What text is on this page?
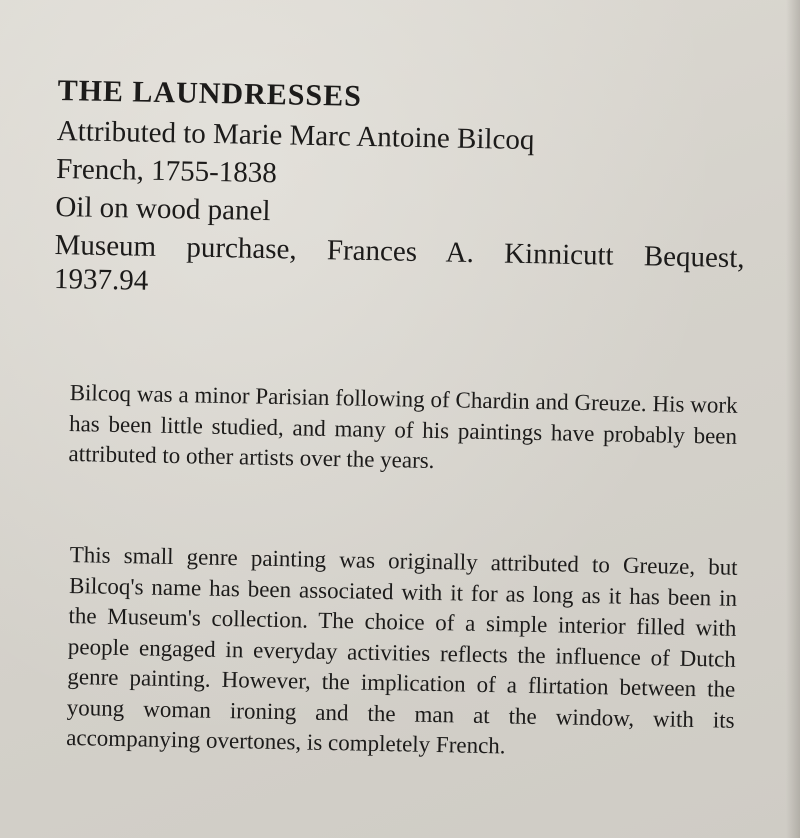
THE LAUNDRESSES
Attributed to Marie Marc Antoine Bilcoq
French, 1755-1838
Oil on wood panel
Museum purchase, Frances A. Kinnicutt Bequest, 1937.94

Bilcoq was a minor Parisian following of Chardin and Greuze. His work has been little studied, and many of his paintings have probably been attributed to other artists over the years.

This small genre painting was originally attributed to Greuze, but Bilcoq's name has been associated with it for as long as it has been in the Museum's collection. The choice of a simple interior filled with people engaged in everyday activities reflects the influence of Dutch genre painting. However, the implication of a flirtation between the young woman ironing and the man at the window, with its accompanying overtones, is completely French.
